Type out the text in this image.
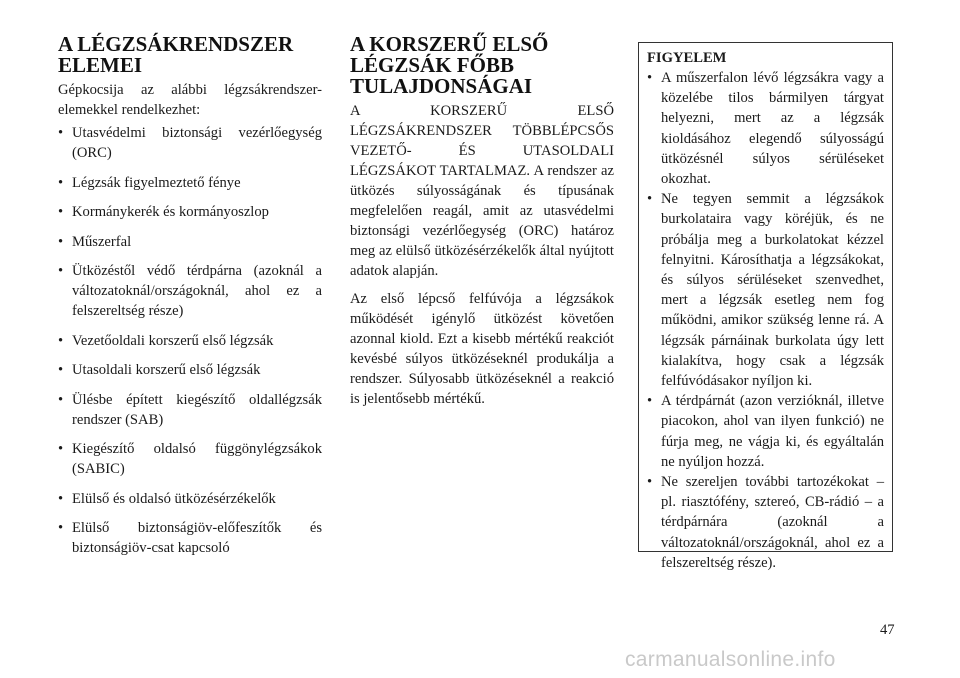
A LÉGZSÁKRENDSZER ELEMEI

Gépkocsija az alábbi légzsákrendszer-elemekkel rendelkezhet:

• Utasvédelmi biztonsági vezérlőegység (ORC)
• Légzsák figyelmeztető fénye
• Kormánykerék és kormányoszlop
• Műszerfal
• Ütközéstől védő térdpárna (azoknál a változatoknál/országoknál, ahol ez a felszereltség része)
• Vezetőoldali korszerű első légzsák
• Utasoldali korszerű első légzsák
• Ülésbe épített kiegészítő oldallégzsák rendszer (SAB)
• Kiegészítő oldalsó függönylégzsákok (SABIC)
• Elülső és oldalsó ütközésérzékelők
• Elülső biztonságiöv-előfeszítők és biztonságiöv-csat kapcsoló
A KORSZERŰ ELSŐ LÉGZSÁK FŐBB TULAJDONSÁGAI

A KORSZERŰ ELSŐ LÉGZSÁKRENDSZER TÖBBLÉPCSŐS VEZETŐ- ÉS UTASOLDALI LÉGZSÁKOT TARTALMAZ. A rendszer az ütközés súlyosságának és típusának megfelelően reagál, amit az utasvédelmi biztonsági vezérlőegység (ORC) határoz meg az elülső ütközésérzékelők által nyújtott adatok alapján.

Az első lépcső felfúvója a légzsákok működését igénylő ütközést követően azonnal kiold. Ezt a kisebb mértékű reakciót kevésbé súlyos ütközéseknél produkálja a rendszer. Súlyosabb ütközéseknél a reakció is jelentősebb mértékű.

FIGYELEM
• A műszerfalon lévő légzsákra vagy a közelébe tilos bármilyen tárgyat helyezni, mert az a légzsák kioldásához elegendő súlyosságú ütközésnél súlyos sérüléseket okozhat.
• Ne tegyen semmit a légzsákok burkolataira vagy köréjük, és ne próbálja meg a burkolatokat kézzel felnyitni. Károsíthatja a légzsákokat, és súlyos sérüléseket szenvedhet, mert a légzsák esetleg nem fog működni, amikor szükség lenne rá. A légzsák párnáinak burkolata úgy lett kialakítva, hogy csak a légzsák felfúvódásakor nyíljon ki.
• A térdpárnát (azon verzióknál, illetve piacokon, ahol van ilyen funkció) ne fúrja meg, ne vágja ki, és egyáltalán ne nyúljon hozzá.
• Ne szereljen további tartozékokat – pl. riasztófény, sztereó, CB-rádió – a térdpárnára (azoknál a változatoknál/országoknál, ahol ez a felszereltség része).
47
carmanualsonline.info
